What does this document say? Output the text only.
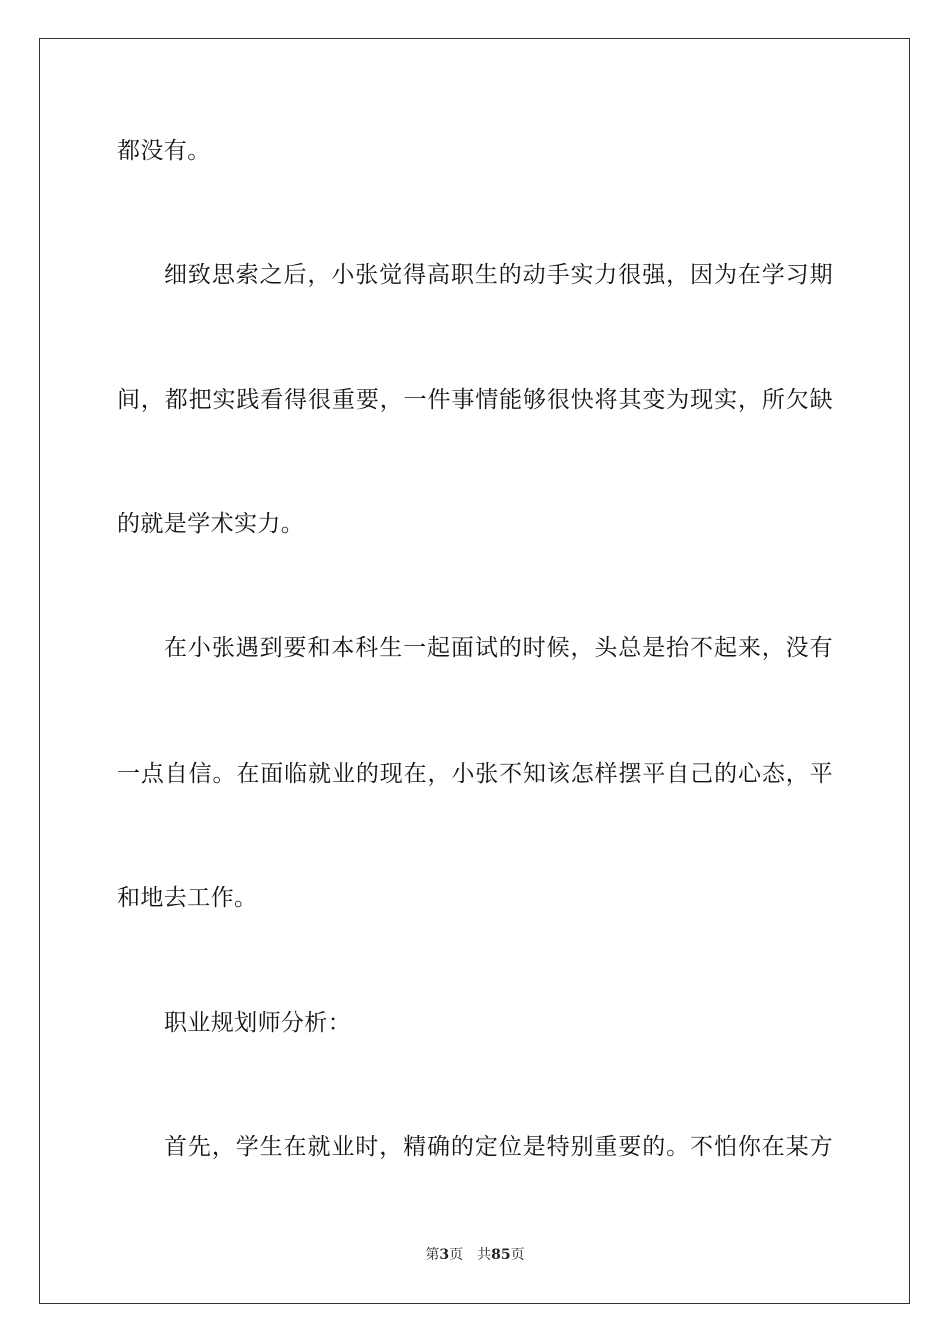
都没有。
细致思索之后，小张觉得高职生的动手实力很强，因为在学习期
间，都把实践看得很重要，一件事情能够很快将其变为现实，所欠缺
的就是学术实力。
在小张遇到要和本科生一起面试的时候，头总是抬不起来，没有
一点自信。在面临就业的现在，小张不知该怎样摆平自己的心态，平
和地去工作。
职业规划师分析：
首先，学生在就业时，精确的定位是特别重要的。不怕你在某方
第3页 共85页
